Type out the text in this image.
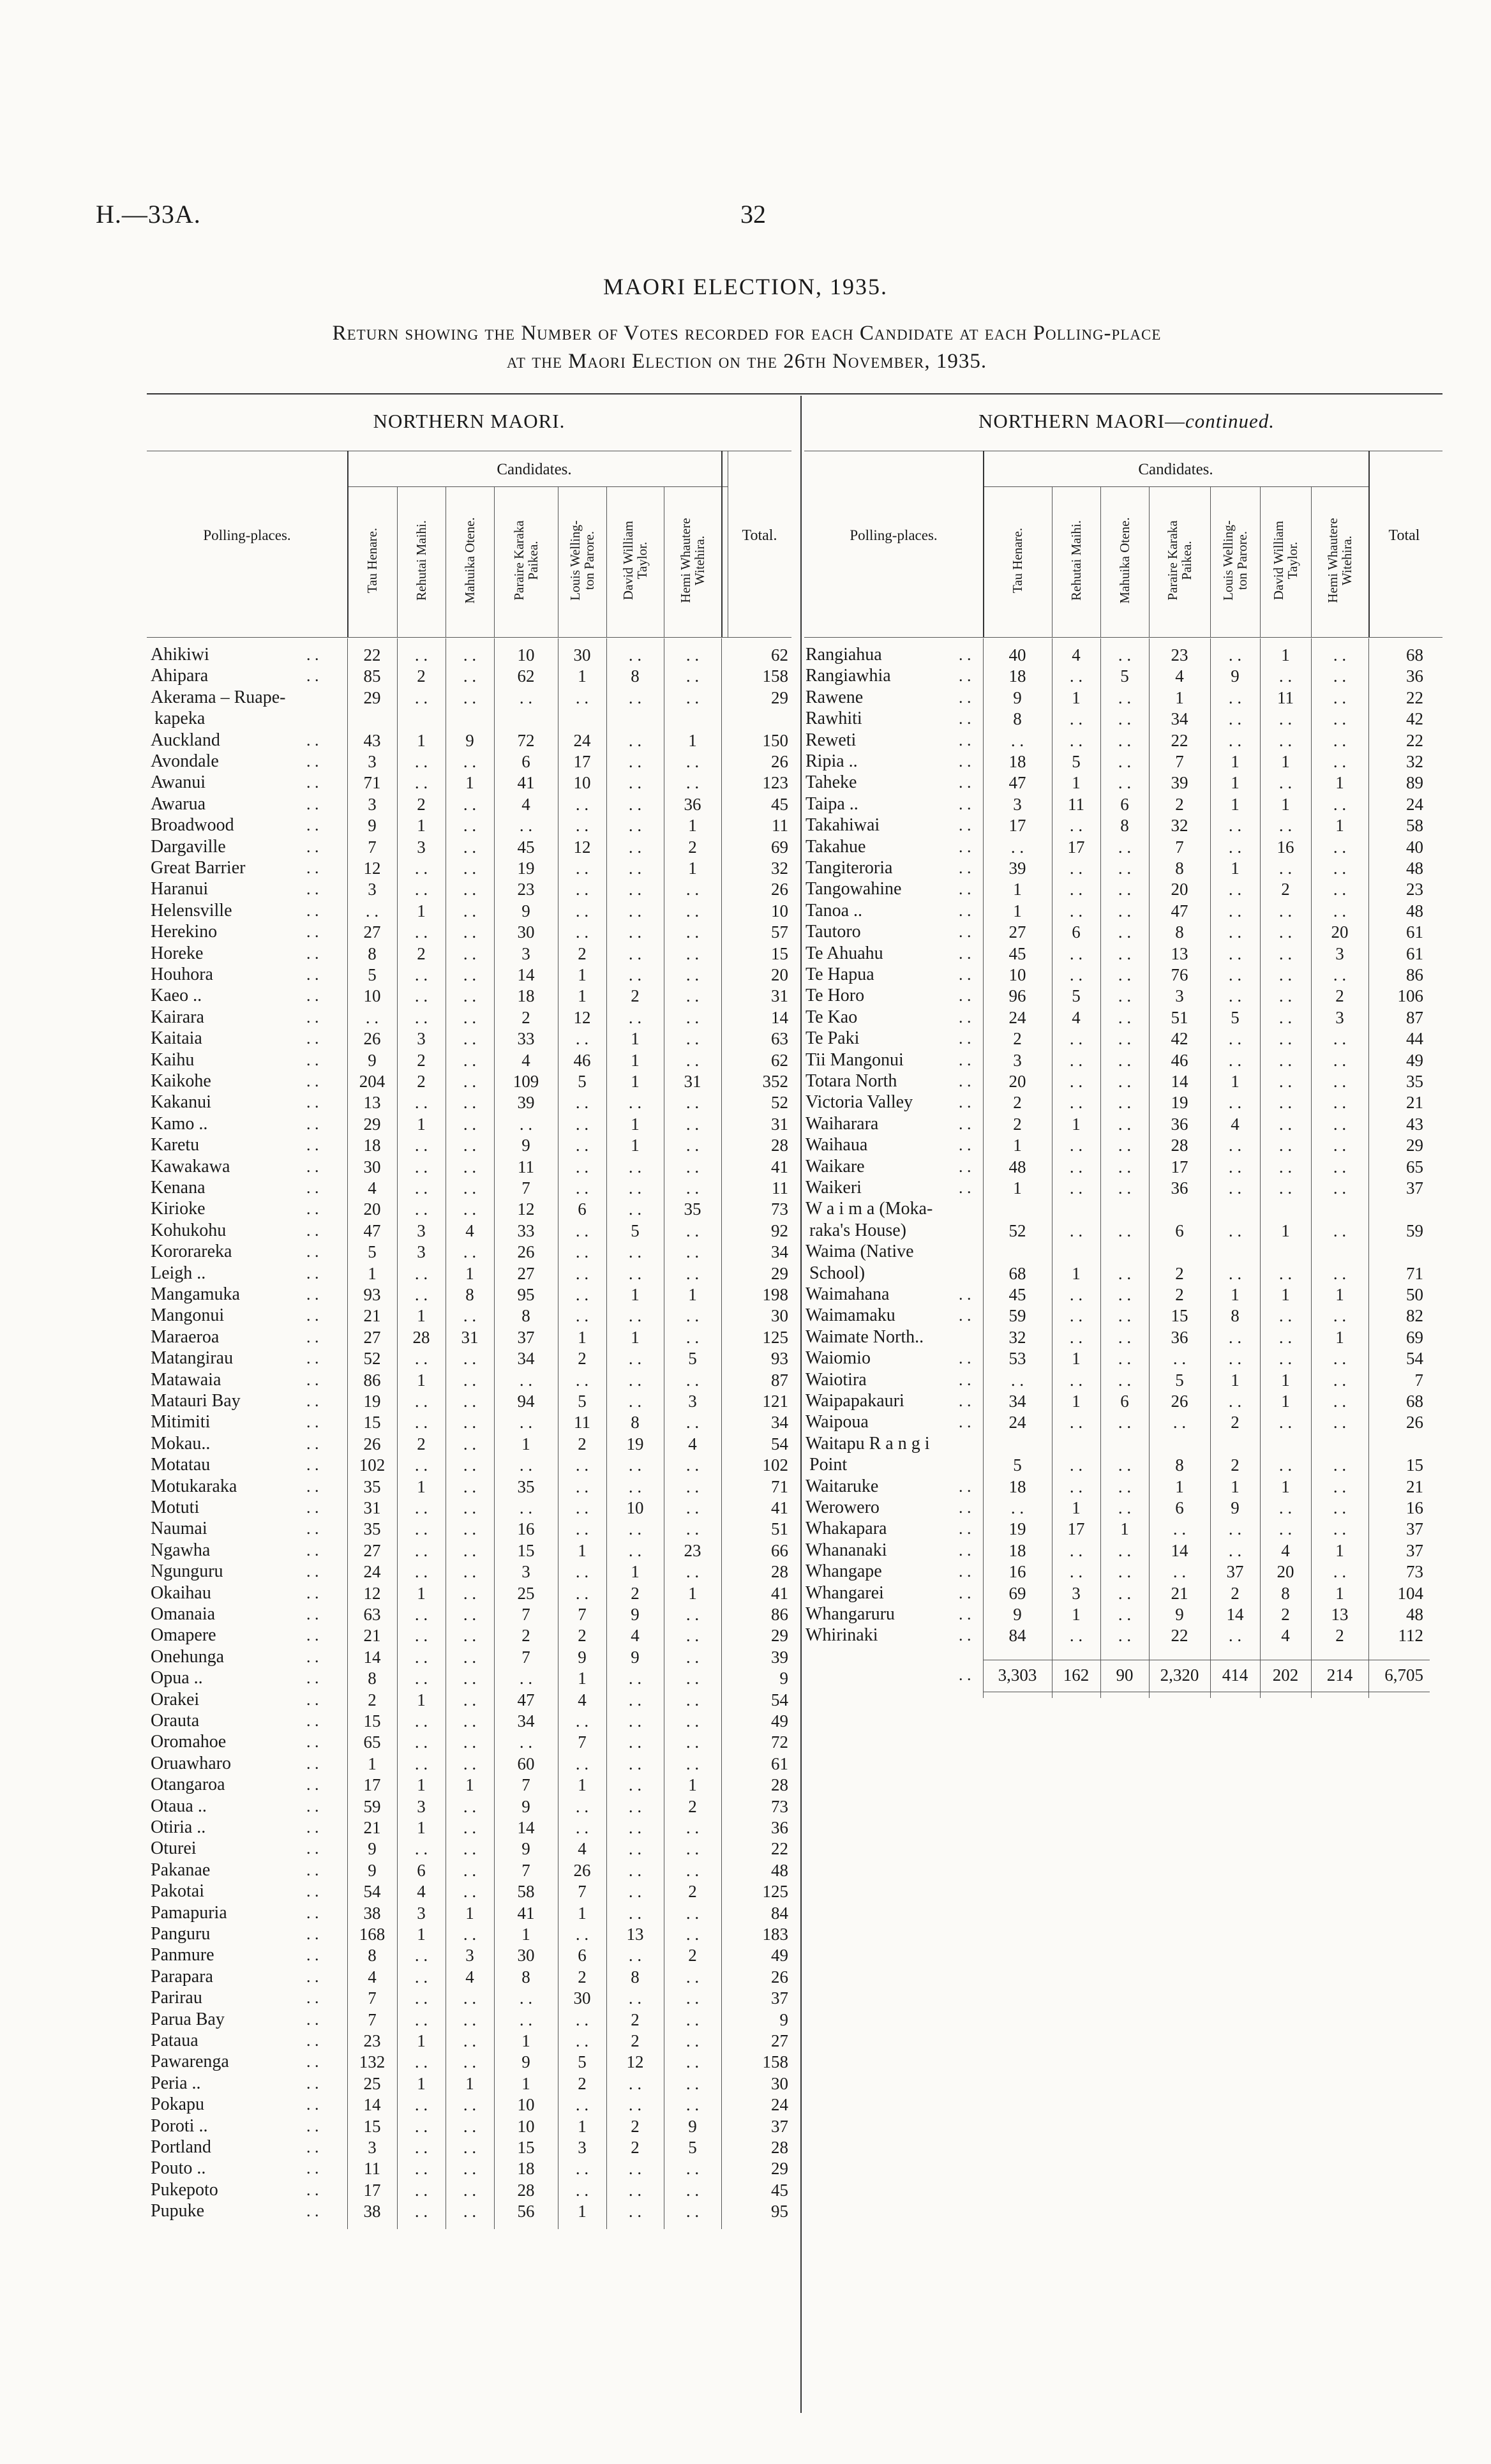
H.—33A.	32
MAORI ELECTION, 1935.
Return showing the Number of Votes recorded for each Candidate at each Polling-place
at the Maori Election on the 26th November, 1935.
NORTHERN MAORI.	NORTHERN MAORI—continued.
Candidates.	Candidates.
Polling-places.	Polling-places.
Total.	Total
Tau Henare.	Rehutai Maihi. Mahuika Otene.	Paraire Karaka
Paikea. Louis Welling-
ton Parore. David William
Taylor. Hemi Whautere
Witehira.	Tau Henare.	Rehutai Maihi. Mahuika Otene. Paraire Karaka
Paikea. Louis Welling-
ton Parore. David William
Taylor. Hemi Whautere
Witehira.
Ahikiwi	. .	22	. .	. .	10	30	. .	. .	62
Ahipara	. .	85	2	. .	62	1	8	. .	158
Akerama – Ruape-
kapeka
29	. .	. .	. .	. .	. .	. .	29
Auckland	. .	43	1	9	72	24	. .	1	150
Avondale	. .	3	. .	. .	6	17	. .	. .	26
Awanui	. .	71	. .	1	41	10	. .	. .	123
Awarua	. .	3	2	. .	4	. .	. .	36	45
Broadwood	. .	9	1	. .	. .	. .	. .	1	11
Dargaville	. .	7	3	. .	45	12	. .	2	69
Great Barrier	. .	12	. .	. .	19	. .	. .	1	32
Haranui	. .	3	. .	. .	23	. .	. .	. .	26
Helensville	. .	. .	1	. .	9	. .	. .	. .	10
Herekino	. .	27	. .	. .	30	. .	. .	. .	57
Horeke	. .	8	2	. .	3	2	. .	. .	15
Houhora	. .	5	. .	. .	14	1	. .	. .	20
Kaeo ..	. .	10	. .	. .	18	1	2	. .	31
Kairara	. .	. .	. .	. .	2	12	. .	. .	14
Kaitaia	. .	26	3	. .	33	. .	1	. .	63
Kaihu	. .	9	2	. .	4	46	1	. .	62
Kaikohe	. .	204	2	. .	109	5	1	31	352
Kakanui	. .	13	. .	. .	39	. .	. .	. .	52
Kamo ..	. .	29	1	. .	. .	. .	1	. .	31
Karetu	. .	18	. .	. .	9	. .	1	. .	28
Kawakawa	. .	30	. .	. .	11	. .	. .	. .	41
Kenana	. .	4	. .	. .	7	. .	. .	. .	11
Kirioke	. .	20	. .	. .	12	6	. .	35	73
Kohukohu	. .	47	3	4	33	. .	5	. .	92
Kororareka	. .	5	3	. .	26	. .	. .	. .	34
Leigh ..	. .	1	. .	1	27	. .	. .	. .	29
Mangamuka	. .	93	. .	8	95	. .	1	1	198
Mangonui	. .	21	1	. .	8	. .	. .	. .	30
Maraeroa	. .	27	28	31	37	1	1	. .	125
Matangirau	. .	52	. .	. .	34	2	. .	5	93
Matawaia	. .	86	1	. .	. .	. .	. .	. .	87
Matauri Bay	. .	19	. .	. .	94	5	. .	3	121
Mitimiti	. .	15	. .	. .	. .	11	8	. .	34
Mokau..	. .	26	2	. .	1	2	19	4	54
Motatau	. .	102	. .	. .	. .	. .	. .	. .	102
Motukaraka	. .	35	1	. .	35	. .	. .	. .	71
Motuti	. .	31	. .	. .	. .	. .	10	. .	41
Naumai	. .	35	. .	. .	16	. .	. .	. .	51
Ngawha	. .	27	. .	. .	15	1	. .	23	66
Ngunguru	. .	24	. .	. .	3	. .	1	. .	28
Okaihau	. .	12	1	. .	25	. .	2	1	41
Omanaia	. .	63	. .	. .	7	7	9	. .	86
Omapere	. .	21	. .	. .	2	2	4	. .	29
Onehunga	. .	14	. .	. .	7	9	9	. .	39
Opua ..	. .	8	. .	. .	. .	1	. .	. .	9
Orakei	. .	2	1	. .	47	4	. .	. .	54
Orauta	. .	15	. .	. .	34	. .	. .	. .	49
Oromahoe	. .	65	. .	. .	. .	7	. .	. .	72
Oruawharo	. .	1	. .	. .	60	. .	. .	. .	61
Otangaroa	. .	17	1	1	7	1	. .	1	28
Otaua ..	. .	59	3	. .	9	. .	. .	2	73
Otiria ..	. .	21	1	. .	14	. .	. .	. .	36
Oturei	. .	9	. .	. .	9	4	. .	. .	22
Pakanae	. .	9	6	. .	7	26	. .	. .	48
Pakotai	. .	54	4	. .	58	7	. .	2	125
Pamapuria	. .	38	3	1	41	1	. .	. .	84
Panguru	. .	168	1	. .	1	. .	13	. .	183
Panmure	. .	8	. .	3	30	6	. .	2	49
Parapara	. .	4	. .	4	8	2	8	. .	26
Parirau	. .	7	. .	. .	. .	30	. .	. .	37
Parua Bay	. .	7	. .	. .	. .	. .	2	. .	9
Pataua	. .	23	1	. .	1	. .	2	. .	27
Pawarenga	. .	132	. .	. .	9	5	12	. .	158
Peria ..	. .	25	1	1	1	2	. .	. .	30
Pokapu	. .	14	. .	. .	10	. .	. .	. .	24
Poroti ..	. .	15	. .	. .	10	1	2	9	37
Portland	. .	3	. .	. .	15	3	2	5	28
Pouto ..	. .	11	. .	. .	18	. .	. .	. .	29
Pukepoto	. .	17	. .	. .	28	. .	. .	. .	45
Pupuke	. .	38	. .	. .	56	1	. .	. .	95
Rangiahua	. .	40	4	. .	23	. .	1	. .	68
Rangiawhia	. .	18	. .	5	4	9	. .	. .	36
Rawene	. .	9	1	. .	1	. .	11	. .	22
Rawhiti	. .	8	. .	. .	34	. .	. .	. .	42
Reweti	. .	. .	. .	. .	22	. .	. .	. .	22
Ripia ..	. .	18	5	. .	7	1	1	. .	32
Taheke	. .	47	1	. .	39	1	. .	1	89
Taipa ..	. .	3	11	6	2	1	1	. .	24
Takahiwai	. .	17	. .	8	32	. .	. .	1	58
Takahue	. .	. .	17	. .	7	. .	16	. .	40
Tangiteroria	. .	39	. .	. .	8	1	. .	. .	48
Tangowahine	. .	1	. .	. .	20	. .	2	. .	23
Tanoa ..	. .	1	. .	. .	47	. .	. .	. .	48
Tautoro	. .	27	6	. .	8	. .	. .	20	61
Te Ahuahu	. .	45	. .	. .	13	. .	. .	3	61
Te Hapua	. .	10	. .	. .	76	. .	. .	. .	86
Te Horo	. .	96	5	. .	3	. .	. .	2	106
Te Kao	. .	24	4	. .	51	5	. .	3	87
Te Paki	. .	2	. .	. .	42	. .	. .	. .	44
Tii Mangonui	. .	3	. .	. .	46	. .	. .	. .	49
Totara North	. .	20	. .	. .	14	1	. .	. .	35
Victoria Valley	. .	2	. .	. .	19	. .	. .	. .	21
Waiharara	. .	2	1	. .	36	4	. .	. .	43
Waihaua	. .	1	. .	. .	28	. .	. .	. .	29
Waikare	. .	48	. .	. .	17	. .	. .	. .	65
Waikeri	. .	1	. .	. .	36	. .	. .	. .	37
W a i m a (Moka-
raka's House)	52	. .	. .	6	. .	1	. .	59
Waima (Native
School)	68	1	. .	2	. .	. .	. .	71
Waimahana	. .	45	. .	. .	2	1	1	1	50
Waimamaku	. .	59	. .	. .	15	8	. .	. .	82
Waimate North..	32	. .	. .	36	. .	. .	1	69
Waiomio	. .	53	1	. .	. .	. .	. .	. .	54
Waiotira	. .	. .	. .	. .	5	1	1	. .	7
Waipapakauri	. .	34	1	6	26	. .	1	. .	68
Waipoua	. .	24	. .	. .	. .	2	. .	. .	26
Waitapu R a n g i
Point	5	. .	. .	8	2	. .	. .	15
Waitaruke	. .	18	. .	. .	1	1	1	. .	21
Werowero	. .	. .	1	. .	6	9	. .	. .	16
Whakapara	. .	19	17	1	. .	. .	. .	. .	37
Whananaki	. .	18	. .	. .	14	. .	4	1	37
Whangape	. .	16	. .	. .	. .	37	20	. .	73
Whangarei	. .	69	3	. .	21	2	8	1	104
Whangaruru	. .	9	1	. .	9	14	2	13	48
Whirinaki	. .	84	. .	. .	22	. .	4	2	112
. .	3,303	162	90	2,320	414	202	214	6,705
